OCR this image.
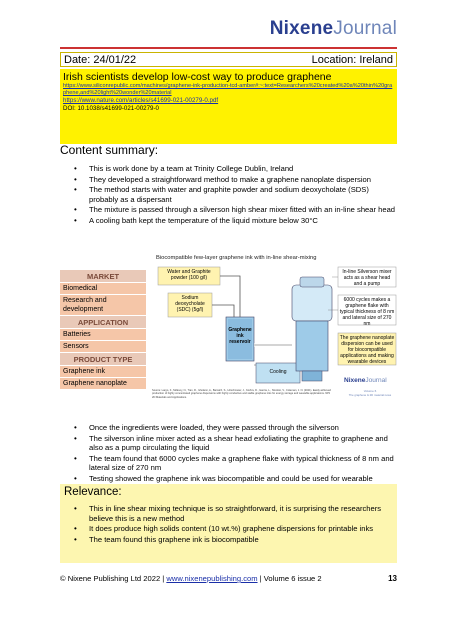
NixeneJournal
Date: 24/01/22	Location: Ireland
Irish scientists develop low-cost way to produce graphene
https://www.siliconrepublic.com/machines/graphene-ink-production-tcd-amber#:~:text=Researchers%20created%20a%20thin%20graphene,and%20light%20wonder%20material
https://www.nature.com/articles/s41699-021-00279-0.pdf
DOI: 10.1038/s41699-021-00279-0
Content summary:
• This is work done by a team at Trinity College Dublin, Ireland
• They developed a straightforward method to make a graphene nanoplate dispersion
• The method starts with water and graphite powder and sodium deoxycholate (SDS) probably as a dispersant
• The mixture is passed through a silverson high shear mixer fitted with an in-line shear head
• A cooling bath kept the temperature of the liquid mixture below 30°C
Biocompatible few-layer graphene ink with in-line shear-mixing
MARKET
Biomedical
Research and development
APPLICATION
Batteries
Sensors
PRODUCT TYPE
Graphene ink
Graphene nanoplate
Water and Graphite powder (100 g/l)
Sodium deoxycholate (SDC) (5g/l)
Graphene ink reservoir
Cooling
In-line Silverson mixer acts as a shear head and a pump
6000 cycles makes a graphene flake with typical thickness of 8 nm and lateral size of 270 nm
The graphene nanoplate dispersion can be used for biocompatible applications and making wearable devices
Source: Largo, F., McEvoy, N., Tian, R., Gholami, A., Barwich, S., Hirschmeier, J., Kozlov, D., Garcia, L., Nicolosi, V., Coleman, J. N. (2021). Easily achieved production of highly concentrated graphene dispersions with highly conductive and stable graphene inks for energy storage and wearable applications. NPJ 2D Materials and Applications.
NixeneJournal
Volume 6
The graphene & 2D material news
• Once the ingredients were loaded, they were passed through the silverson
• The silverson inline mixer acted as a shear head exfoliating the graphite to graphene and also as a pump circulating the liquid
• The team found that 6000 cycles make a graphene flake with typical thickness of 8 nm and lateral size of 270 nm
• Testing showed the graphene ink was biocompatible and could be used for wearable
Relevance:
• This in line shear mixing technique is so straightforward, it is surprising the researchers believe this is a new method
• It does produce high solids content (10 wt.%) graphene dispersions for printable inks
• The team found this graphene ink is biocompatible
© Nixene Publishing Ltd 2022 | www.nixenepublishing.com | Volume 6 issue 2	13
